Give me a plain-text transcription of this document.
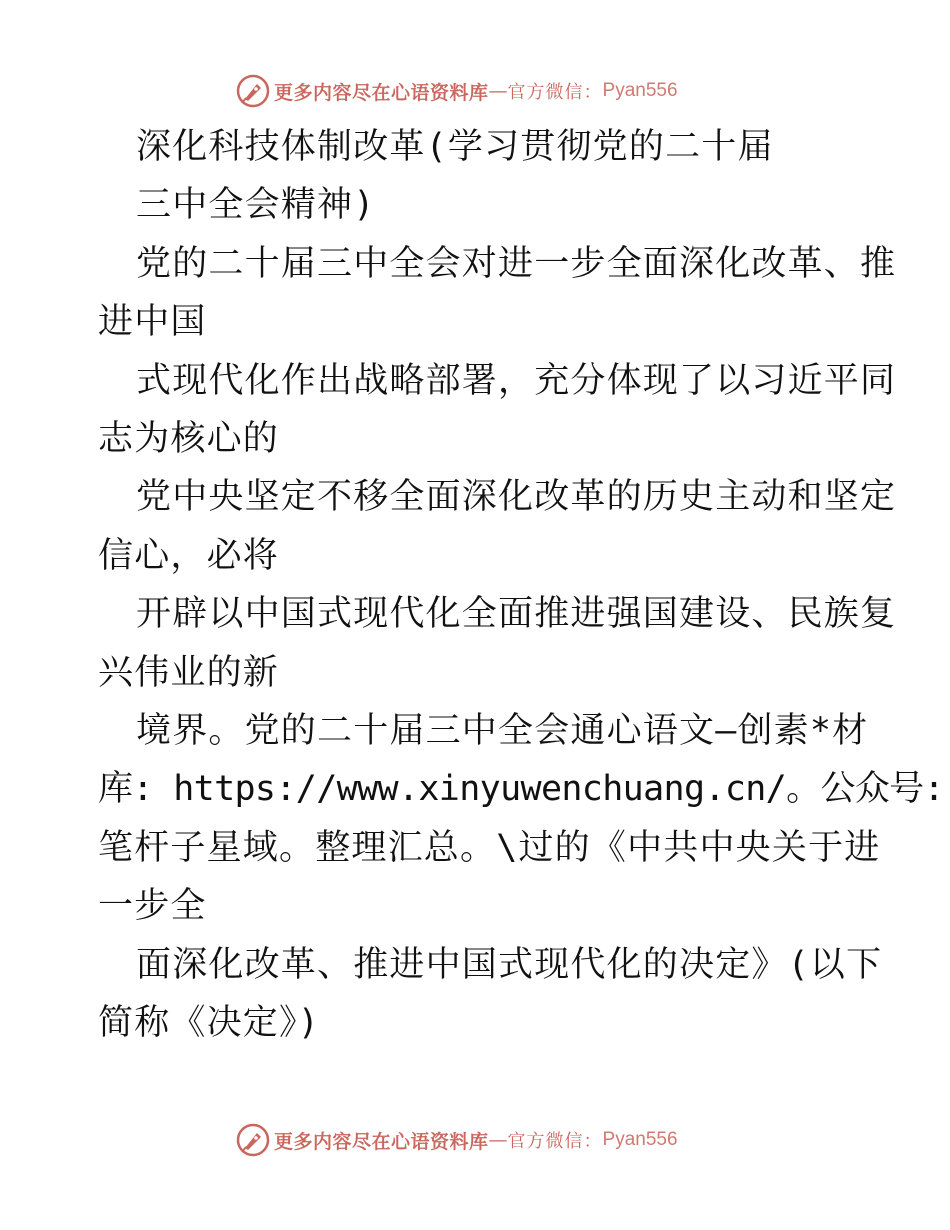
更多内容尽在心语资料库 — 官方微信： Pyan556
深化科技体制改革(学习贯彻党的二十届
三中全会精神)
党的二十届三中全会对进一步全面深化改革、推
进中国
式现代化作出战略部署，充分体现了以习近平同
志为核心的
党中央坚定不移全面深化改革的历史主动和坚定
信心，必将
开辟以中国式现代化全面推进强国建设、民族复
兴伟业的新
境界。党的二十届三中全会通心语文—创素*材
库: https://www.xinyuwenchuang.cn/。公众号:
笔杆子星域。整理汇总。\过的《中共中央关于进
一步全
面深化改革、推进中国式现代化的决定》(以下
简称《决定》)
更多内容尽在心语资料库 — 官方微信： Pyan556
